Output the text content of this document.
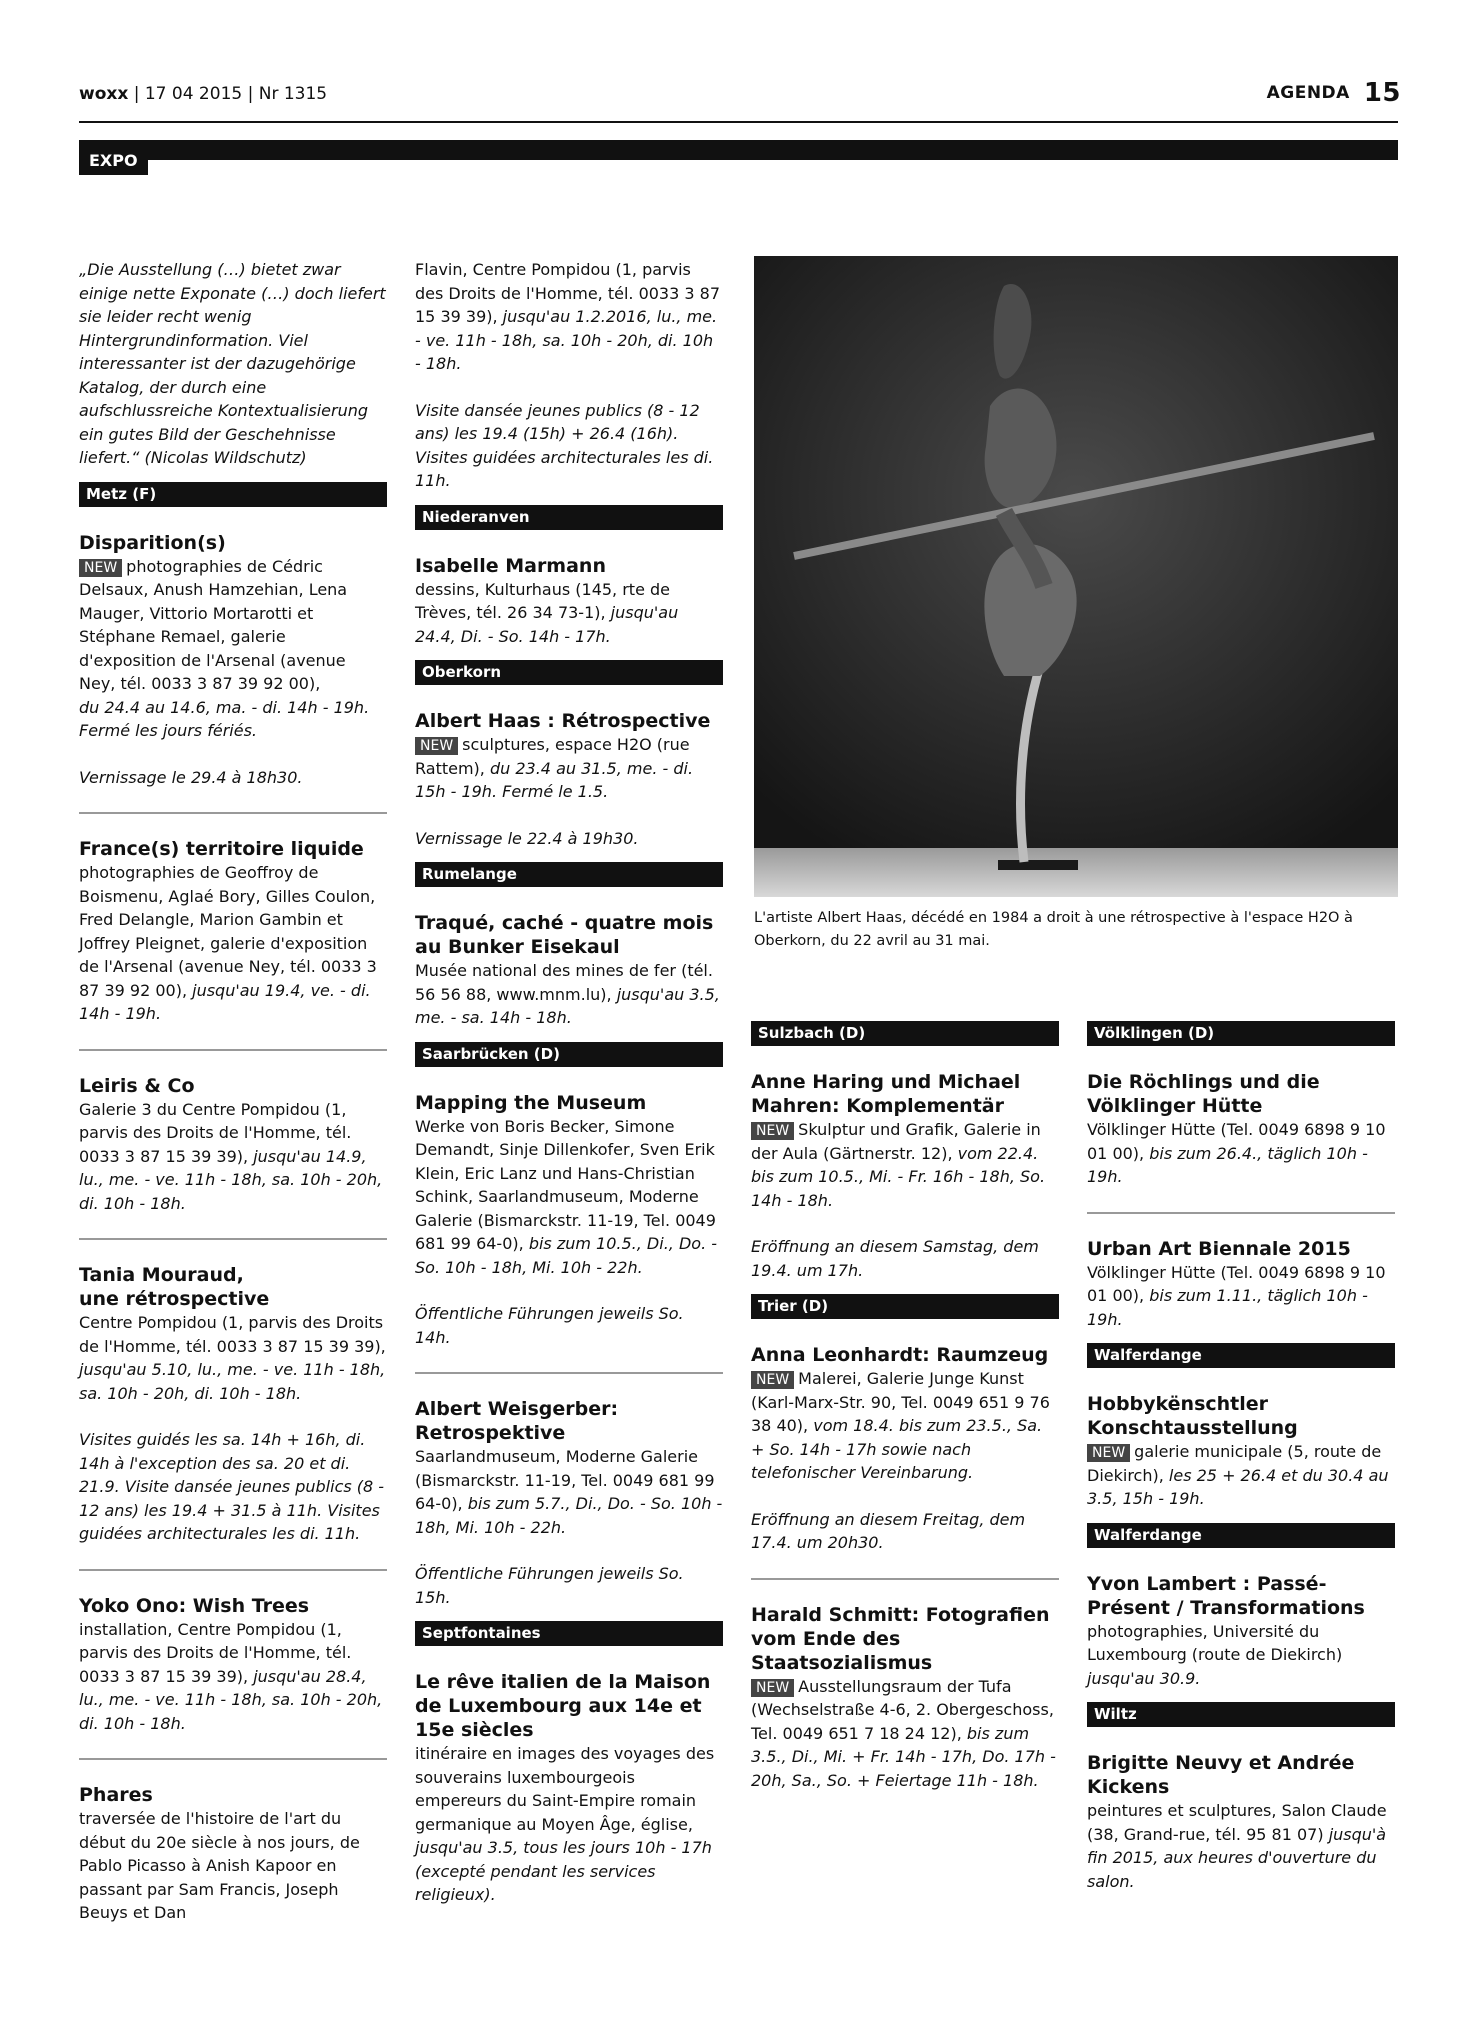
woxx | 17 04 2015 | Nr 1315	AGENDA 15
EXPO

„Die Ausstellung (…) bietet zwar einige nette Exponate (…) doch liefert sie leider recht wenig Hintergrundinformation. Viel interessanter ist der dazugehörige Katalog, der durch eine aufschlussreiche Kontextualisierung ein gutes Bild der Geschehnisse liefert.“ (Nicolas Wildschutz)

Metz (F)

Disparition(s)

NEW photographies de Cédric Delsaux, Anush Hamzehian, Lena Mauger, Vittorio Mortarotti et Stéphane Remael, galerie d'exposition de l'Arsenal (avenue Ney, tél. 0033 3 87 39 92 00),

du 24.4 au 14.6, ma. - di. 14h - 19h. Fermé les jours fériés.

Vernissage le 29.4 à 18h30.

France(s) territoire liquide

photographies de Geoffroy de Boismenu, Aglaé Bory, Gilles Coulon, Fred Delangle, Marion Gambin et Joffrey Pleignet, galerie d'exposition de l'Arsenal (avenue Ney, tél. 0033 3 87 39 92 00), jusqu'au 19.4, ve. - di. 14h - 19h.

Leiris & Co

Galerie 3 du Centre Pompidou (1, parvis des Droits de l'Homme, tél. 0033 3 87 15 39 39), jusqu'au 14.9, lu., me. - ve. 11h - 18h, sa. 10h - 20h, di. 10h - 18h.

Tania Mouraud,
une rétrospective

Centre Pompidou (1, parvis des Droits de l'Homme, tél. 0033 3 87 15 39 39), jusqu'au 5.10, lu., me. - ve. 11h - 18h, sa. 10h - 20h, di. 10h - 18h.

Visites guidés les sa. 14h + 16h, di. 14h à l'exception des sa. 20 et di. 21.9. Visite dansée jeunes publics (8 - 12 ans) les 19.4 + 31.5 à 11h. Visites guidées architecturales les di. 11h.

Yoko Ono: Wish Trees

installation, Centre Pompidou (1, parvis des Droits de l'Homme, tél. 0033 3 87 15 39 39), jusqu'au 28.4, lu., me. - ve. 11h - 18h, sa. 10h - 20h, di. 10h - 18h.

Phares

traversée de l'histoire de l'art du début du 20e siècle à nos jours, de Pablo Picasso à Anish Kapoor en passant par Sam Francis, Joseph Beuys et Dan

Flavin, Centre Pompidou (1, parvis des Droits de l'Homme, tél. 0033 3 87 15 39 39), jusqu'au 1.2.2016, lu., me. - ve. 11h - 18h, sa. 10h - 20h, di. 10h - 18h.

Visite dansée jeunes publics (8 - 12 ans) les 19.4 (15h) + 26.4 (16h). Visites guidées architecturales les di. 11h.

Niederanven

Isabelle Marmann

dessins, Kulturhaus (145, rte de Trèves, tél. 26 34 73-1), jusqu'au 24.4, Di. - So. 14h - 17h.

Oberkorn

Albert Haas : Rétrospective

NEW sculptures, espace H2O (rue Rattem), du 23.4 au 31.5, me. - di. 15h - 19h. Fermé le 1.5.

Vernissage le 22.4 à 19h30.

Rumelange

Traqué, caché - quatre mois au Bunker Eisekaul

Musée national des mines de fer (tél. 56 56 88, www.mnm.lu), jusqu'au 3.5, me. - sa. 14h - 18h.

Saarbrücken (D)

Mapping the Museum

Werke von Boris Becker, Simone Demandt, Sinje Dillenkofer, Sven Erik Klein, Eric Lanz und Hans-Christian Schink, Saarlandmuseum, Moderne Galerie (Bismarckstr. 11-19, Tel. 0049 681 99 64-0), bis zum 10.5., Di., Do. - So. 10h - 18h, Mi. 10h - 22h.

Öffentliche Führungen jeweils So. 14h.

Albert Weisgerber:
Retrospektive

Saarlandmuseum, Moderne Galerie (Bismarckstr. 11-19, Tel. 0049 681 99 64-0), bis zum 5.7., Di., Do. - So. 10h - 18h, Mi. 10h - 22h.

Öffentliche Führungen jeweils So. 15h.

Septfontaines

Le rêve italien de la Maison de Luxembourg aux 14e et 15e siècles

itinéraire en images des voyages des souverains luxembourgeois empereurs du Saint-Empire romain germanique au Moyen Âge, église, jusqu'au 3.5, tous les jours 10h - 17h (excepté pendant les services religieux).

L'artiste Albert Haas, décédé en 1984 a droit à une rétrospective à l'espace H2O à Oberkorn, du 22 avril au 31 mai.
Sulzbach (D)

Anne Haring und Michael Mahren: Komplementär

NEW Skulptur und Grafik, Galerie in der Aula (Gärtnerstr. 12), vom 22.4. bis zum 10.5., Mi. - Fr. 16h - 18h, So. 14h - 18h.

Eröffnung an diesem Samstag, dem 19.4. um 17h.

Trier (D)

Anna Leonhardt: Raumzeug

NEW Malerei, Galerie Junge Kunst (Karl-Marx-Str. 90, Tel. 0049 651 9 76 38 40), vom 18.4. bis zum 23.5., Sa. + So. 14h - 17h sowie nach telefonischer Vereinbarung.

Eröffnung an diesem Freitag, dem 17.4. um 20h30.

Harald Schmitt: Fotografien vom Ende des Staatsozialismus

NEW Ausstellungsraum der Tufa (Wechselstraße 4-6, 2. Obergeschoss, Tel. 0049 651 7 18 24 12), bis zum 3.5., Di., Mi. + Fr. 14h - 17h, Do. 17h - 20h, Sa., So. + Feiertage 11h - 18h.

Völklingen (D)

Die Röchlings und die Völklinger Hütte

Völklinger Hütte (Tel. 0049 6898 9 10 01 00), bis zum 26.4., täglich 10h - 19h.

Urban Art Biennale 2015

Völklinger Hütte (Tel. 0049 6898 9 10 01 00), bis zum 1.11., täglich 10h - 19h.

Walferdange

Hobbykënschtler Konschtausstellung

NEW galerie municipale (5, route de Diekirch), les 25 + 26.4 et du 30.4 au 3.5, 15h - 19h.

Walferdange

Yvon Lambert : Passé-Présent / Transformations

photographies, Université du Luxembourg (route de Diekirch) jusqu'au 30.9.

Wiltz

Brigitte Neuvy et Andrée Kickens

peintures et sculptures, Salon Claude (38, Grand-rue, tél. 95 81 07) jusqu'à fin 2015, aux heures d'ouverture du salon.
